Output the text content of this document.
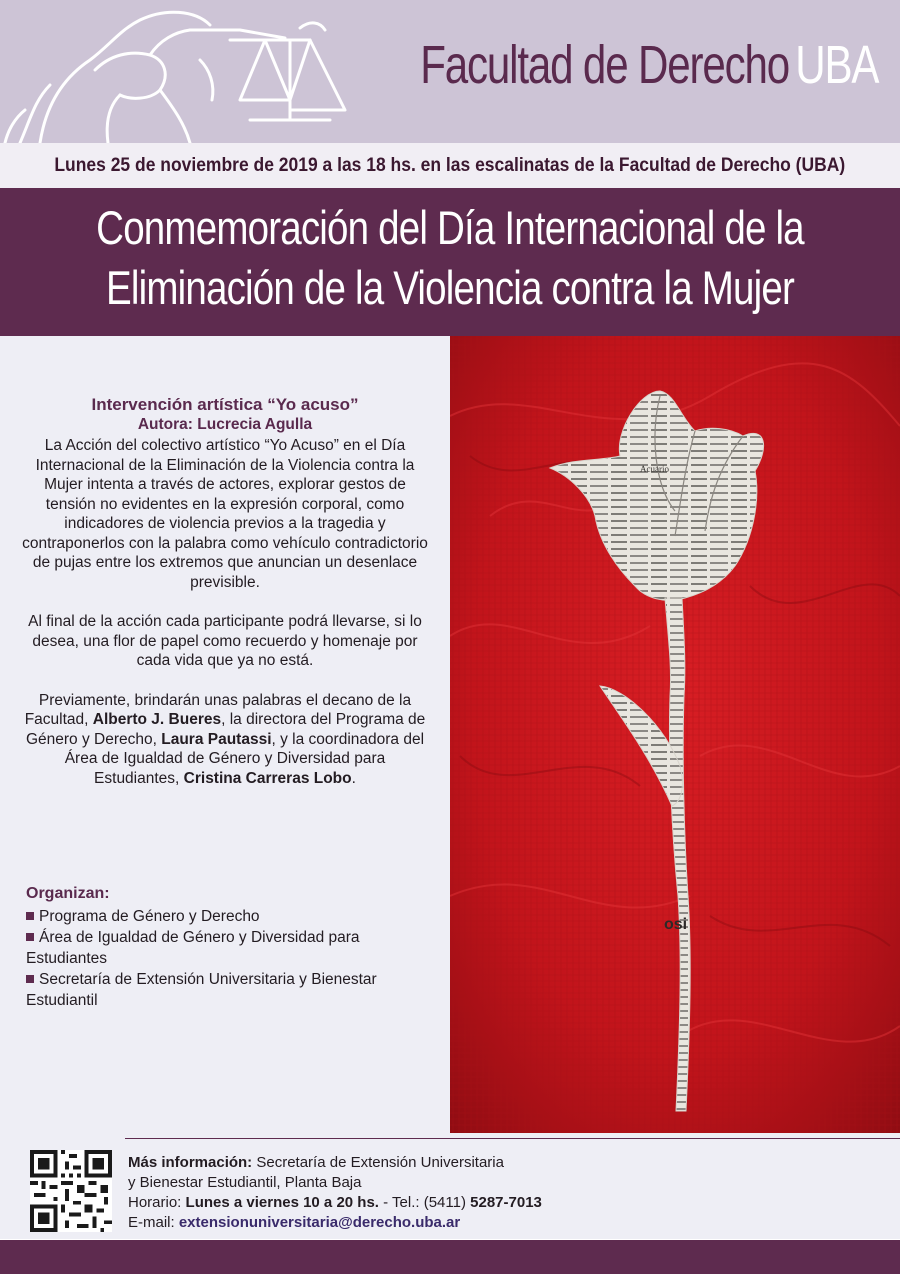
Facultad de Derecho UBA
Lunes 25 de noviembre de 2019 a las 18 hs. en las escalinatas de la Facultad de Derecho (UBA)
Conmemoración del Día Internacional de la
Eliminación de la Violencia contra la Mujer
Acuario
osi
Intervención artística “Yo acuso”
Autora: Lucrecia Agulla

La Acción del colectivo artístico “Yo Acuso” en el Día Internacional de la Eliminación de la Violencia contra la Mujer intenta a través de actores, explorar gestos de tensión no evidentes en la expresión corporal, como indicadores de violencia previos a la tragedia y contraponerlos con la palabra como vehículo contradictorio de pujas entre los extremos que anuncian un desenlace previsible.

Al final de la acción cada participante podrá llevarse, si lo desea, una flor de papel como recuerdo y homenaje por cada vida que ya no está.

Previamente, brindarán unas palabras el decano de la Facultad, Alberto J. Bueres, la directora del Programa de Género y Derecho, Laura Pautassi, y la coordinadora del Área de Igualdad de Género y Diversidad para Estudiantes, Cristina Carreras Lobo.

Organizan:
Programa de Género y Derecho
Área de Igualdad de Género y Diversidad para Estudiantes
Secretaría de Extensión Universitaria y Bienestar Estudiantil
Más información: Secretaría de Extensión Universitaria
y Bienestar Estudiantil, Planta Baja
Horario: Lunes a viernes 10 a 20 hs. - Tel.: (5411) 5287-7013
E-mail: extensionuniversitaria@derecho.uba.ar
